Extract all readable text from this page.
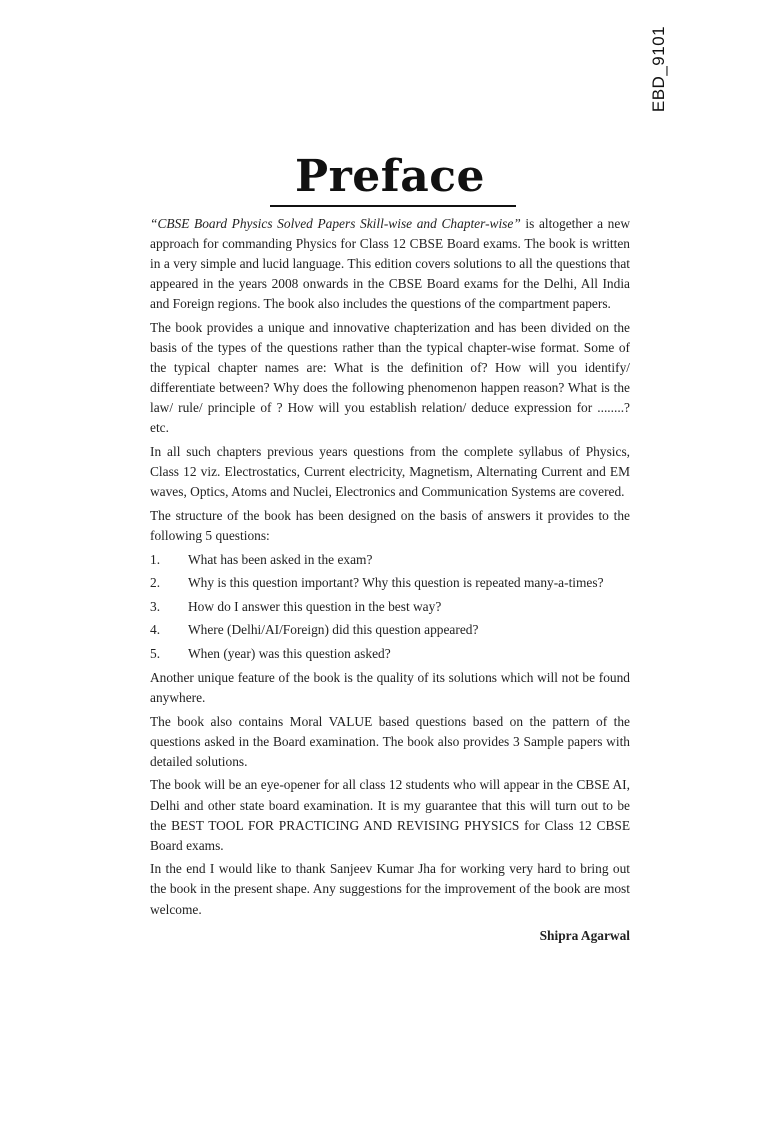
EBD_9101
Preface

“CBSE Board Physics Solved Papers Skill-wise and Chapter-wise” is altogether a new approach for commanding Physics for Class 12 CBSE Board exams. The book is written in a very simple and lucid language. This edition covers solutions to all the questions that appeared in the years 2008 onwards in the CBSE Board exams for the Delhi, All India and Foreign regions. The book also includes the questions of the compartment papers.

The book provides a unique and innovative chapterization and has been divided on the basis of the types of the questions rather than the typical chapter-wise format. Some of the typical chapter names are: What is the definition of? How will you identify/ differentiate between? Why does the following phenomenon happen reason? What is the law/ rule/ principle of ? How will you establish relation/ deduce expression for ........? etc.

In all such chapters previous years questions from the complete syllabus of Physics, Class 12 viz. Electrostatics, Current electricity, Magnetism, Alternating Current and EM waves, Optics, Atoms and Nuclei, Electronics and Communication Systems are covered.

The structure of the book has been designed on the basis of answers it provides to the following 5 questions:

1.	What has been asked in the exam?
2.	Why is this question important? Why this question is repeated many-a-times?
3.	How do I answer this question in the best way?
4.	Where (Delhi/AI/Foreign) did this question appeared?
5.	When (year) was this question asked?

Another unique feature of the book is the quality of its solutions which will not be found anywhere.

The book also contains Moral VALUE based questions based on the pattern of the questions asked in the Board examination. The book also provides 3 Sample papers with detailed solutions.

The book will be an eye-opener for all class 12 students who will appear in the CBSE AI, Delhi and other state board examination. It is my guarantee that this will turn out to be the BEST TOOL FOR PRACTICING AND REVISING PHYSICS for Class 12 CBSE Board exams.

In the end I would like to thank Sanjeev Kumar Jha for working very hard to bring out the book in the present shape. Any suggestions for the improvement of the book are most welcome.

Shipra Agarwal
